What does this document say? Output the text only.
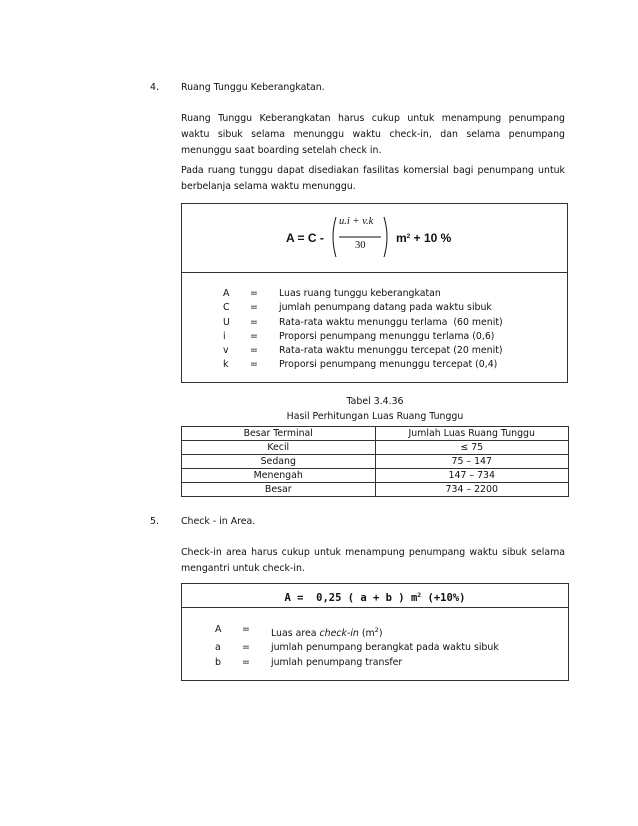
4. Ruang Tunggu Keberangkatan.
Ruang Tunggu Keberangkatan harus cukup untuk menampung penumpang waktu sibuk selama menunggu waktu check-in, dan selama penumpang menunggu saat boarding setelah check in.
Pada ruang tunggu dapat disediakan fasilitas komersial bagi penumpang untuk berbelanja selama waktu menunggu.
A = C -
u.i + v.k
30
$m^2 + 10$ %
A	=	Luas ruang tunggu keberangkatan
C	=	jumlah penumpang datang pada waktu sibuk
U	=	Rata-rata waktu menunggu terlama  (60 menit)
i	=	Proporsi penumpang menunggu terlama (0,6)
v	=	Rata-rata waktu menunggu tercepat (20 menit)
k	=	Proporsi penumpang menunggu tercepat (0,4)
Tabel 3.4.36
Hasil Perhitungan Luas Ruang Tunggu
Besar Terminal	Jumlah Luas Ruang Tunggu
Kecil	≤ 75
Sedang	75 – 147
Menengah	147 – 734
Besar	734 – 2200
5. Check - in Area.
Check-in area harus cukup untuk menampung penumpang waktu sibuk selama mengantri untuk check-in.
A =  0,25 ( a + b ) $m^2$ (+10%)
A	=	Luas area check-in $(m^2)$
a	=	jumlah penumpang berangkat pada waktu sibuk
b	=	jumlah penumpang transfer
